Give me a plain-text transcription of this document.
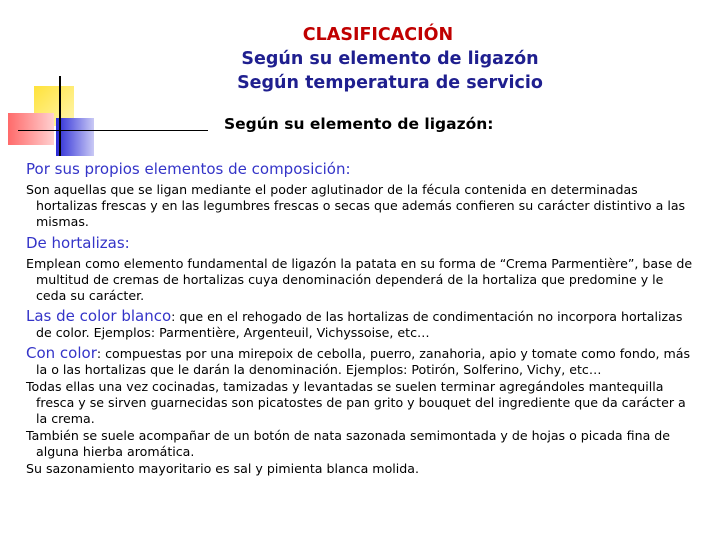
CLASIFICACIÓN
Según su elemento de ligazón
Según temperatura de servicio
Según su elemento de ligazón:

Por sus propios elementos de composición:

Son aquellas que se ligan mediante el poder aglutinador de la fécula contenida en determinadas hortalizas frescas y en las legumbres frescas o secas que además confieren su carácter distintivo a las mismas.

De hortalizas:

Emplean como elemento fundamental de ligazón la patata en su forma de “Crema Parmentière”, base de multitud de cremas de hortalizas cuya denominación dependerá de la hortaliza que predomine y le ceda su carácter.

Las de color blanco: que en el rehogado de las hortalizas de condimentación no incorpora hortalizas de color. Ejemplos: Parmentière, Argenteuil, Vichyssoise, etc…

Con color: compuestas por una mirepoix de cebolla, puerro, zanahoria, apio y tomate como fondo, más la o las hortalizas que le darán la denominación. Ejemplos: Potirón, Solferino, Vichy, etc…

Todas ellas una vez cocinadas, tamizadas y levantadas se suelen terminar agregándoles mantequilla fresca y se sirven guarnecidas son picatostes de pan grito y bouquet del ingrediente que da carácter a la crema.

También se suele acompañar de un botón de nata sazonada semimontada y de hojas o picada fina de alguna hierba aromática.

Su sazonamiento mayoritario es sal y pimienta blanca molida.
